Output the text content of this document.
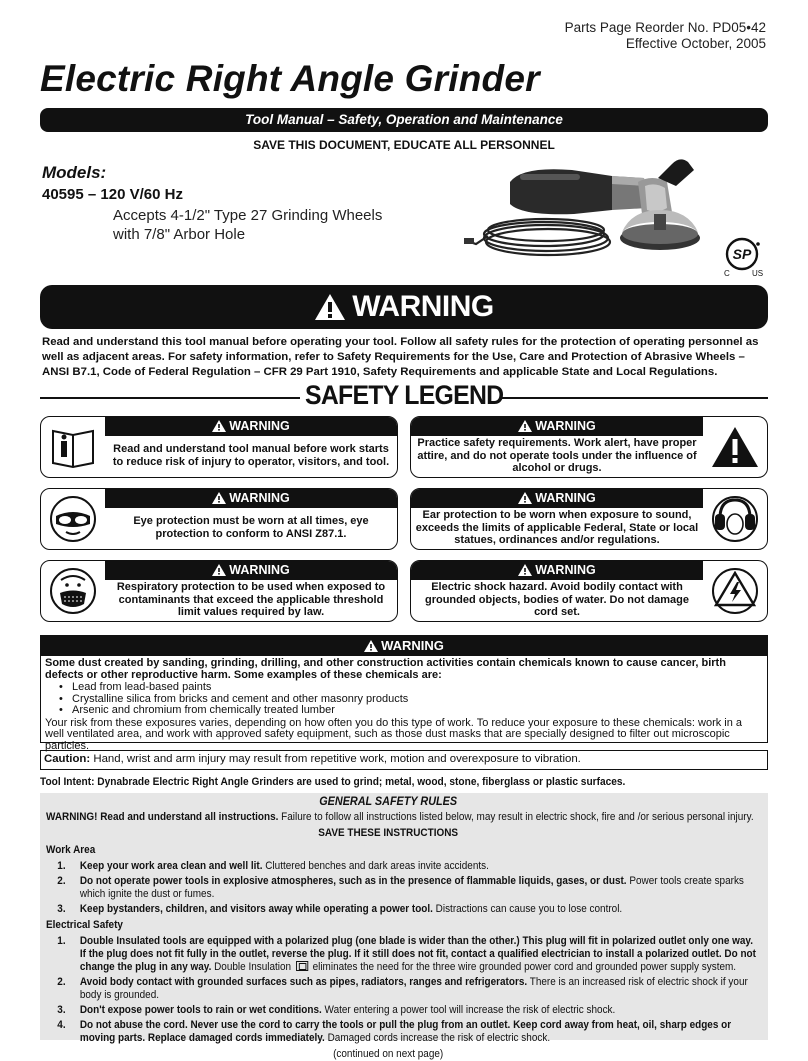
Parts Page Reorder No. PD05•42
Effective October, 2005
Electric Right Angle Grinder
Tool Manual – Safety, Operation and Maintenance
SAVE THIS DOCUMENT, EDUCATE ALL PERSONNEL
Models:
40595 – 120 V/60 Hz
Accepts 4-1/2" Type 27 Grinding Wheels
with 7/8" Arbor Hole
SP
C	US
WARNING
Read and understand this tool manual before operating your tool. Follow all safety rules for the protection of operating personnel as well as adjacent areas. For safety information, refer to Safety Requirements for the Use, Care and Protection of Abrasive Wheels – ANSI B7.1, Code of Federal Regulation – CFR 29 Part 1910, Safety Requirements and applicable State and Local Regulations.
SAFETY LEGEND
WARNING
Read and understand tool manual before work starts to reduce risk of injury to operator, visitors, and tool.
WARNING
Practice safety requirements. Work alert, have proper attire, and do not operate tools under the influence of alcohol or drugs.
WARNING
Eye protection must be worn at all times, eye protection to conform to ANSI Z87.1.
WARNING
Ear protection to be worn when exposure to sound, exceeds the limits of applicable Federal, State or local statues, ordinances and/or regulations.
WARNING
Respiratory protection to be used when exposed to contaminants that exceed the applicable threshold limit values required by law.
WARNING
Electric shock hazard. Avoid bodily contact with grounded objects, bodies of water. Do not damage cord set.
WARNING
Some dust created by sanding, grinding, drilling, and other construction activities contain chemicals known to cause cancer, birth defects or other reproductive harm. Some examples of these chemicals are:
• Lead from lead-based paints
• Crystalline silica from bricks and cement and other masonry products
• Arsenic and chromium from chemically treated lumber
Your risk from these exposures varies, depending on how often you do this type of work. To reduce your exposure to these chemicals: work in a well ventilated area, and work with approved safety equipment, such as those dust masks that are specially designed to filter out microscopic particles.
Caution: Hand, wrist and arm injury may result from repetitive work, motion and overexposure to vibration.
Tool Intent: Dynabrade Electric Right Angle Grinders are used to grind; metal, wood, stone, fiberglass or plastic surfaces.
GENERAL SAFETY RULES
WARNING! Read and understand all instructions. Failure to follow all instructions listed below, may result in electric shock, fire and /or serious personal injury.
SAVE THESE INSTRUCTIONS
Work Area
1. Keep your work area clean and well lit. Cluttered benches and dark areas invite accidents.
2. Do not operate power tools in explosive atmospheres, such as in the presence of flammable liquids, gases, or dust. Power tools create sparks which ignite the dust or fumes.
3. Keep bystanders, children, and visitors away while operating a power tool. Distractions can cause you to lose control.
Electrical Safety
1. Double Insulated tools are equipped with a polarized plug (one blade is wider than the other.) This plug will fit in polarized outlet only one way. If the plug does not fit fully in the outlet, reverse the plug. If it still does not fit, contact a qualified electrician to install a polarized outlet. Do not change the plug in any way. Double Insulation  eliminates the need for the three wire grounded power cord and grounded power supply system.
2. Avoid body contact with grounded surfaces such as pipes, radiators, ranges and refrigerators. There is an increased risk of electric shock if your body is grounded.
3. Don't expose power tools to rain or wet conditions. Water entering a power tool will increase the risk of electric shock.
4. Do not abuse the cord. Never use the cord to carry the tools or pull the plug from an outlet. Keep cord away from heat, oil, sharp edges or moving parts. Replace damaged cords immediately. Damaged cords increase the risk of electric shock.
(continued on next page)
